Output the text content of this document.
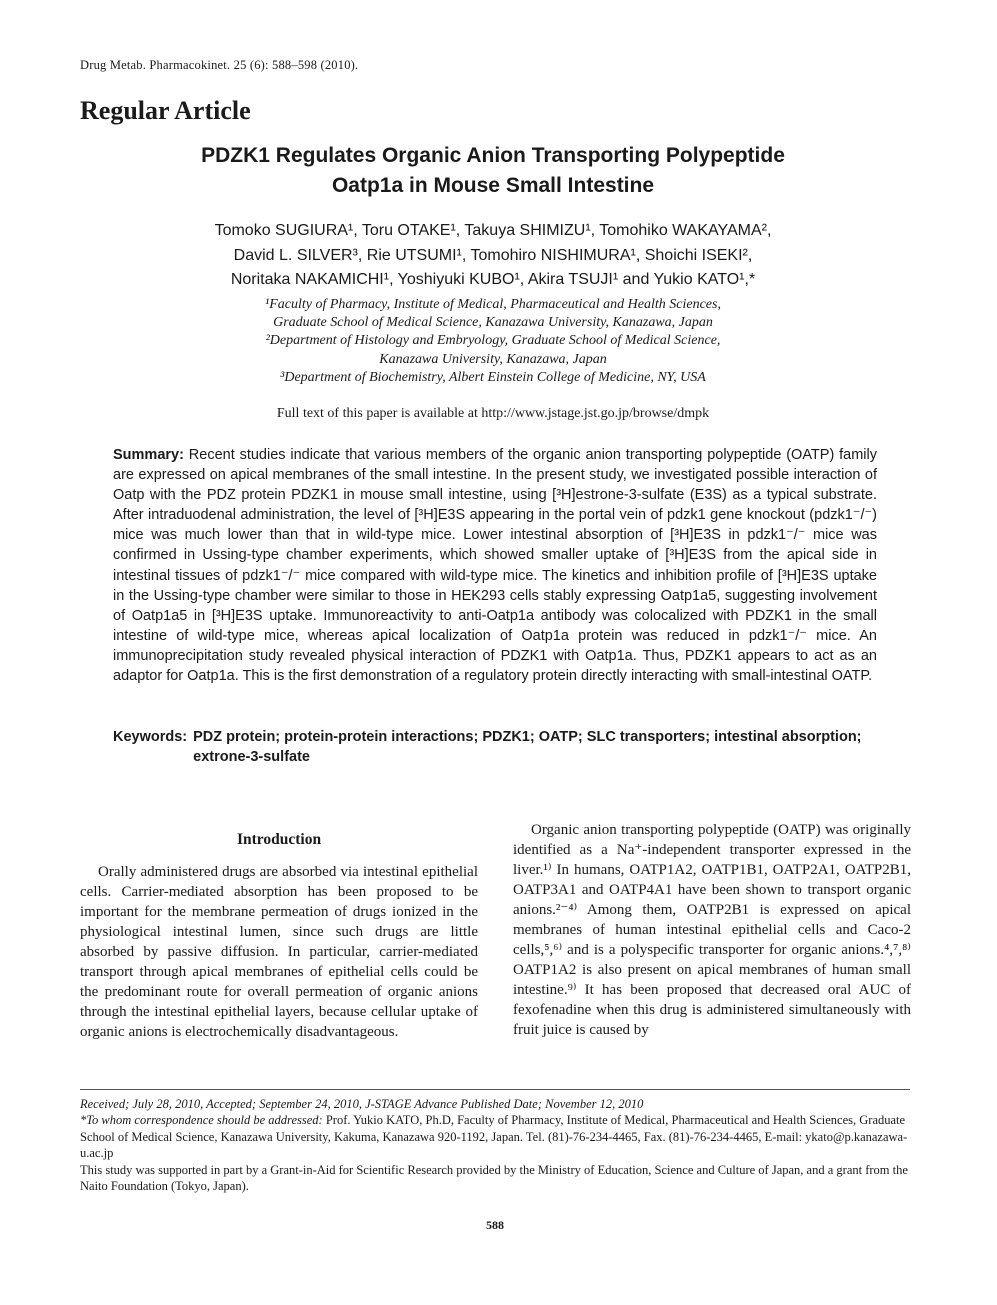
Drug Metab. Pharmacokinet. 25 (6): 588–598 (2010).
Regular Article
PDZK1 Regulates Organic Anion Transporting Polypeptide
Oatp1a in Mouse Small Intestine
Tomoko SUGIURA¹, Toru OTAKE¹, Takuya SHIMIZU¹, Tomohiko WAKAYAMA²,
David L. SILVER³, Rie UTSUMI¹, Tomohiro NISHIMURA¹, Shoichi ISEKI²,
Noritaka NAKAMICHI¹, Yoshiyuki KUBO¹, Akira TSUJI¹ and Yukio KATO¹,*
¹Faculty of Pharmacy, Institute of Medical, Pharmaceutical and Health Sciences,
Graduate School of Medical Science, Kanazawa University, Kanazawa, Japan
²Department of Histology and Embryology, Graduate School of Medical Science,
Kanazawa University, Kanazawa, Japan
³Department of Biochemistry, Albert Einstein College of Medicine, NY, USA
Full text of this paper is available at http://www.jstage.jst.go.jp/browse/dmpk

Summary: Recent studies indicate that various members of the organic anion transporting polypeptide (OATP) family are expressed on apical membranes of the small intestine. In the present study, we investigated possible interaction of Oatp with the PDZ protein PDZK1 in mouse small intestine, using [³H]estrone-3-sulfate (E3S) as a typical substrate. After intraduodenal administration, the level of [³H]E3S appearing in the portal vein of pdzk1 gene knockout (pdzk1⁻/⁻) mice was much lower than that in wild-type mice. Lower intestinal absorption of [³H]E3S in pdzk1⁻/⁻ mice was confirmed in Ussing-type chamber experiments, which showed smaller uptake of [³H]E3S from the apical side in intestinal tissues of pdzk1⁻/⁻ mice compared with wild-type mice. The kinetics and inhibition profile of [³H]E3S uptake in the Ussing-type chamber were similar to those in HEK293 cells stably expressing Oatp1a5, suggesting involvement of Oatp1a5 in [³H]E3S uptake. Immunoreactivity to anti-Oatp1a antibody was colocalized with PDZK1 in the small intestine of wild-type mice, whereas apical localization of Oatp1a protein was reduced in pdzk1⁻/⁻ mice. An immunoprecipitation study revealed physical interaction of PDZK1 with Oatp1a. Thus, PDZK1 appears to act as an adaptor for Oatp1a. This is the first demonstration of a regulatory protein directly interacting with small-intestinal OATP.

Keywords: PDZ protein; protein-protein interactions; PDZK1; OATP; SLC transporters; intestinal absorption; extrone-3-sulfate
Introduction

Orally administered drugs are absorbed via intestinal epithelial cells. Carrier-mediated absorption has been proposed to be important for the membrane permeation of drugs ionized in the physiological intestinal lumen, since such drugs are little absorbed by passive diffusion. In particular, carrier-mediated transport through apical membranes of epithelial cells could be the predominant route for overall permeation of organic anions through the intestinal epithelial layers, because cellular uptake of organic anions is electrochemically disadvantageous.

Organic anion transporting polypeptide (OATP) was originally identified as a Na⁺-independent transporter expressed in the liver.¹⁾ In humans, OATP1A2, OATP1B1, OATP2A1, OATP2B1, OATP3A1 and OATP4A1 have been shown to transport organic anions.²⁻⁴⁾ Among them, OATP2B1 is expressed on apical membranes of human intestinal epithelial cells and Caco-2 cells,⁵,⁶⁾ and is a polyspecific transporter for organic anions.⁴,⁷,⁸⁾ OATP1A2 is also present on apical membranes of human small intestine.⁹⁾ It has been proposed that decreased oral AUC of fexofenadine when this drug is administered simultaneously with fruit juice is caused by

Received; July 28, 2010, Accepted; September 24, 2010, J-STAGE Advance Published Date; November 12, 2010

*To whom correspondence should be addressed: Prof. Yukio KATO, Ph.D, Faculty of Pharmacy, Institute of Medical, Pharmaceutical and Health Sciences, Graduate School of Medical Science, Kanazawa University, Kakuma, Kanazawa 920-1192, Japan. Tel. (81)-76-234-4465, Fax. (81)-76-234-4465, E-mail: ykato@p.kanazawa-u.ac.jp

This study was supported in part by a Grant-in-Aid for Scientific Research provided by the Ministry of Education, Science and Culture of Japan, and a grant from the Naito Foundation (Tokyo, Japan).

588
